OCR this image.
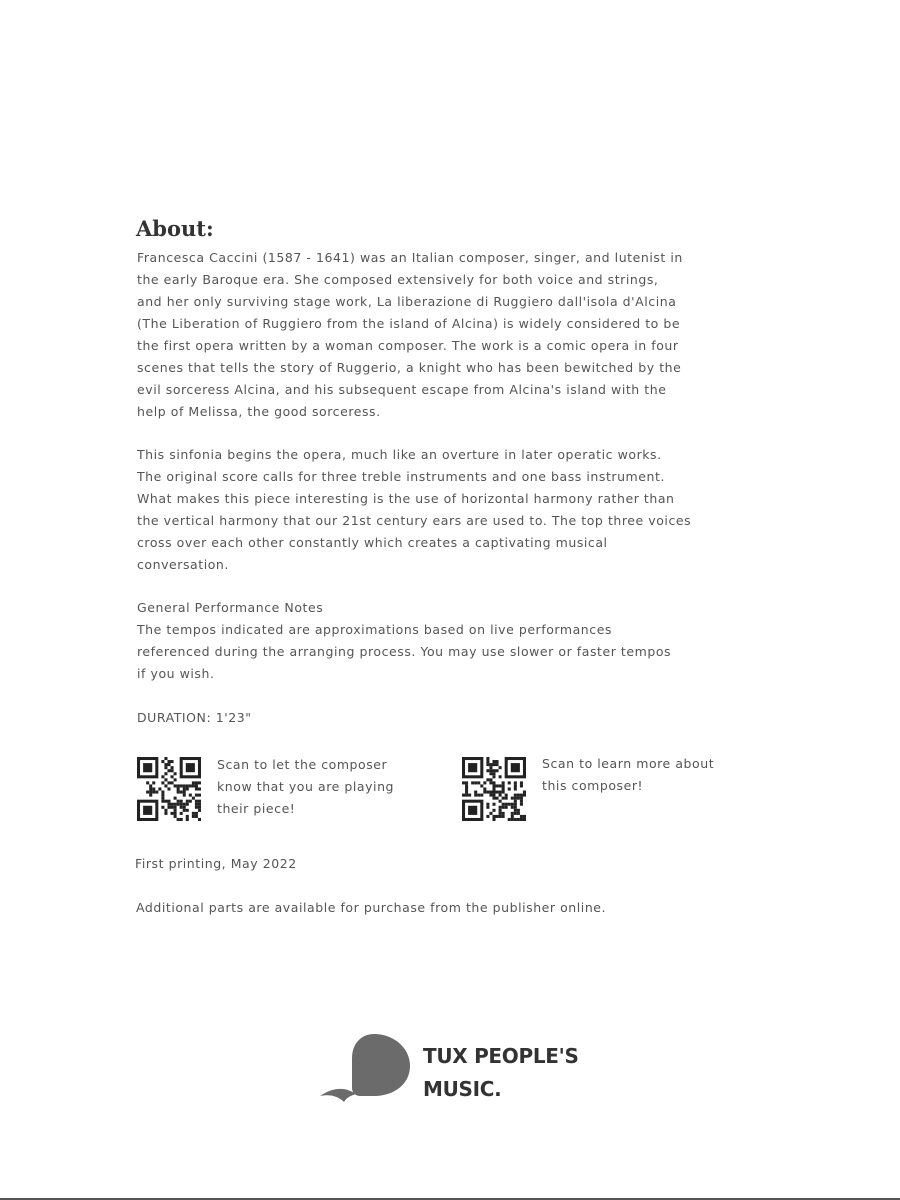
About:

Francesca Caccini (1587 - 1641) was an Italian composer, singer, and lutenist in
the early Baroque era. She composed extensively for both voice and strings,
and her only surviving stage work, La liberazione di Ruggiero dall'isola d'Alcina
(The Liberation of Ruggiero from the island of Alcina) is widely considered to be
the first opera written by a woman composer. The work is a comic opera in four
scenes that tells the story of Ruggerio, a knight who has been bewitched by the
evil sorceress Alcina, and his subsequent escape from Alcina's island with the
help of Melissa, the good sorceress.

This sinfonia begins the opera, much like an overture in later operatic works.
The original score calls for three treble instruments and one bass instrument.
What makes this piece interesting is the use of horizontal harmony rather than
the vertical harmony that our 21st century ears are used to. The top three voices
cross over each other constantly which creates a captivating musical
conversation.

General Performance Notes
The tempos indicated are approximations based on live performances
referenced during the arranging process. You may use slower or faster tempos
if you wish.

DURATION: 1'23"

Scan to let the composer
know that you are playing
their piece!

Scan to learn more about
this composer!

First printing, May 2022

Additional parts are available for purchase from the publisher online.

TUX PEOPLE'S
MUSIC.
